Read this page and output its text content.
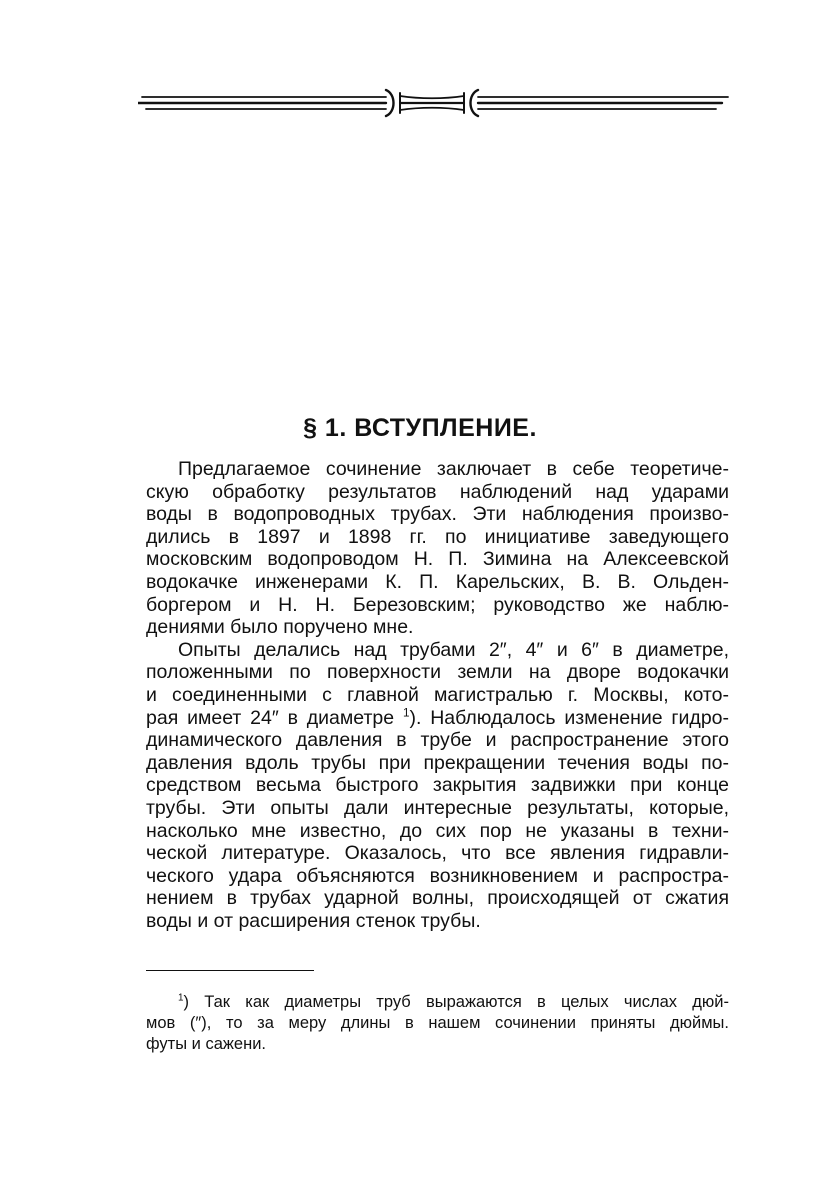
§ 1. ВСТУПЛЕНИЕ.
Предлагаемое сочинение заключает в себе теоретиче-
скую обработку результатов наблюдений над ударами
воды в водопроводных трубах. Эти наблюдения произво-
дились в 1897 и 1898 гг. по инициативе заведующего
московским водопроводом Н. П. Зимина на Алексеевской
водокачке инженерами К. П. Карельских, В. В. Ольден-
боргером и Н. Н. Березовским; руководство же наблю-
дениями было поручено мне.
Опыты делались над трубами 2″, 4″ и 6″ в диаметре,
положенными по поверхности земли на дворе водокачки
и соединенными с главной магистралью г. Москвы, кото-
рая имеет 24″ в диаметре $^1$). Наблюдалось изменение гидро-
динамического давления в трубе и распространение этого
давления вдоль трубы при прекращении течения воды по-
средством весьма быстрого закрытия задвижки при конце
трубы. Эти опыты дали интересные результаты, которые,
насколько мне известно, до сих пор не указаны в техни-
ческой литературе. Оказалось, что все явления гидравли-
ческого удара объясняются возникновением и распростра-
нением в трубах ударной волны, происходящей от сжатия
воды и от расширения стенок трубы.
$^1$) Так как диаметры труб выражаются в целых числах дюй-
мов (″), то за меру длины в нашем сочинении приняты дюймы.
футы и сажени.
